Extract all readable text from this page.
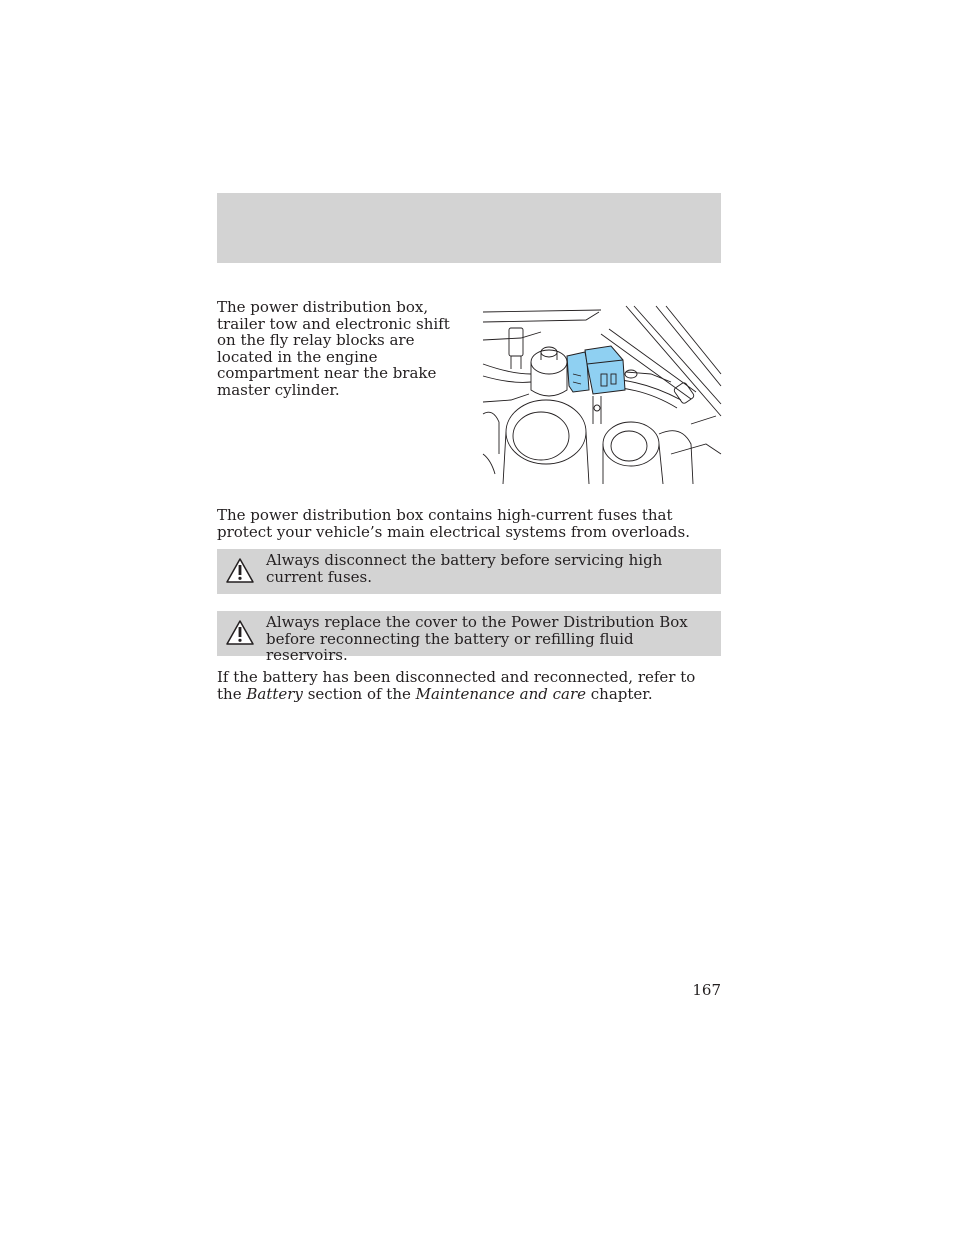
The power distribution box, trailer tow and electronic shift on the fly relay blocks are located in the engine compartment near the brake master cylinder.

The power distribution box contains high-current fuses that protect your vehicle’s main electrical systems from overloads.

Always disconnect the battery before servicing high current fuses.
Always replace the cover to the Power Distribution Box before reconnecting the battery or refilling fluid reservoirs.

If the battery has been disconnected and reconnected, refer to the Battery section of the Maintenance and care chapter.

167
